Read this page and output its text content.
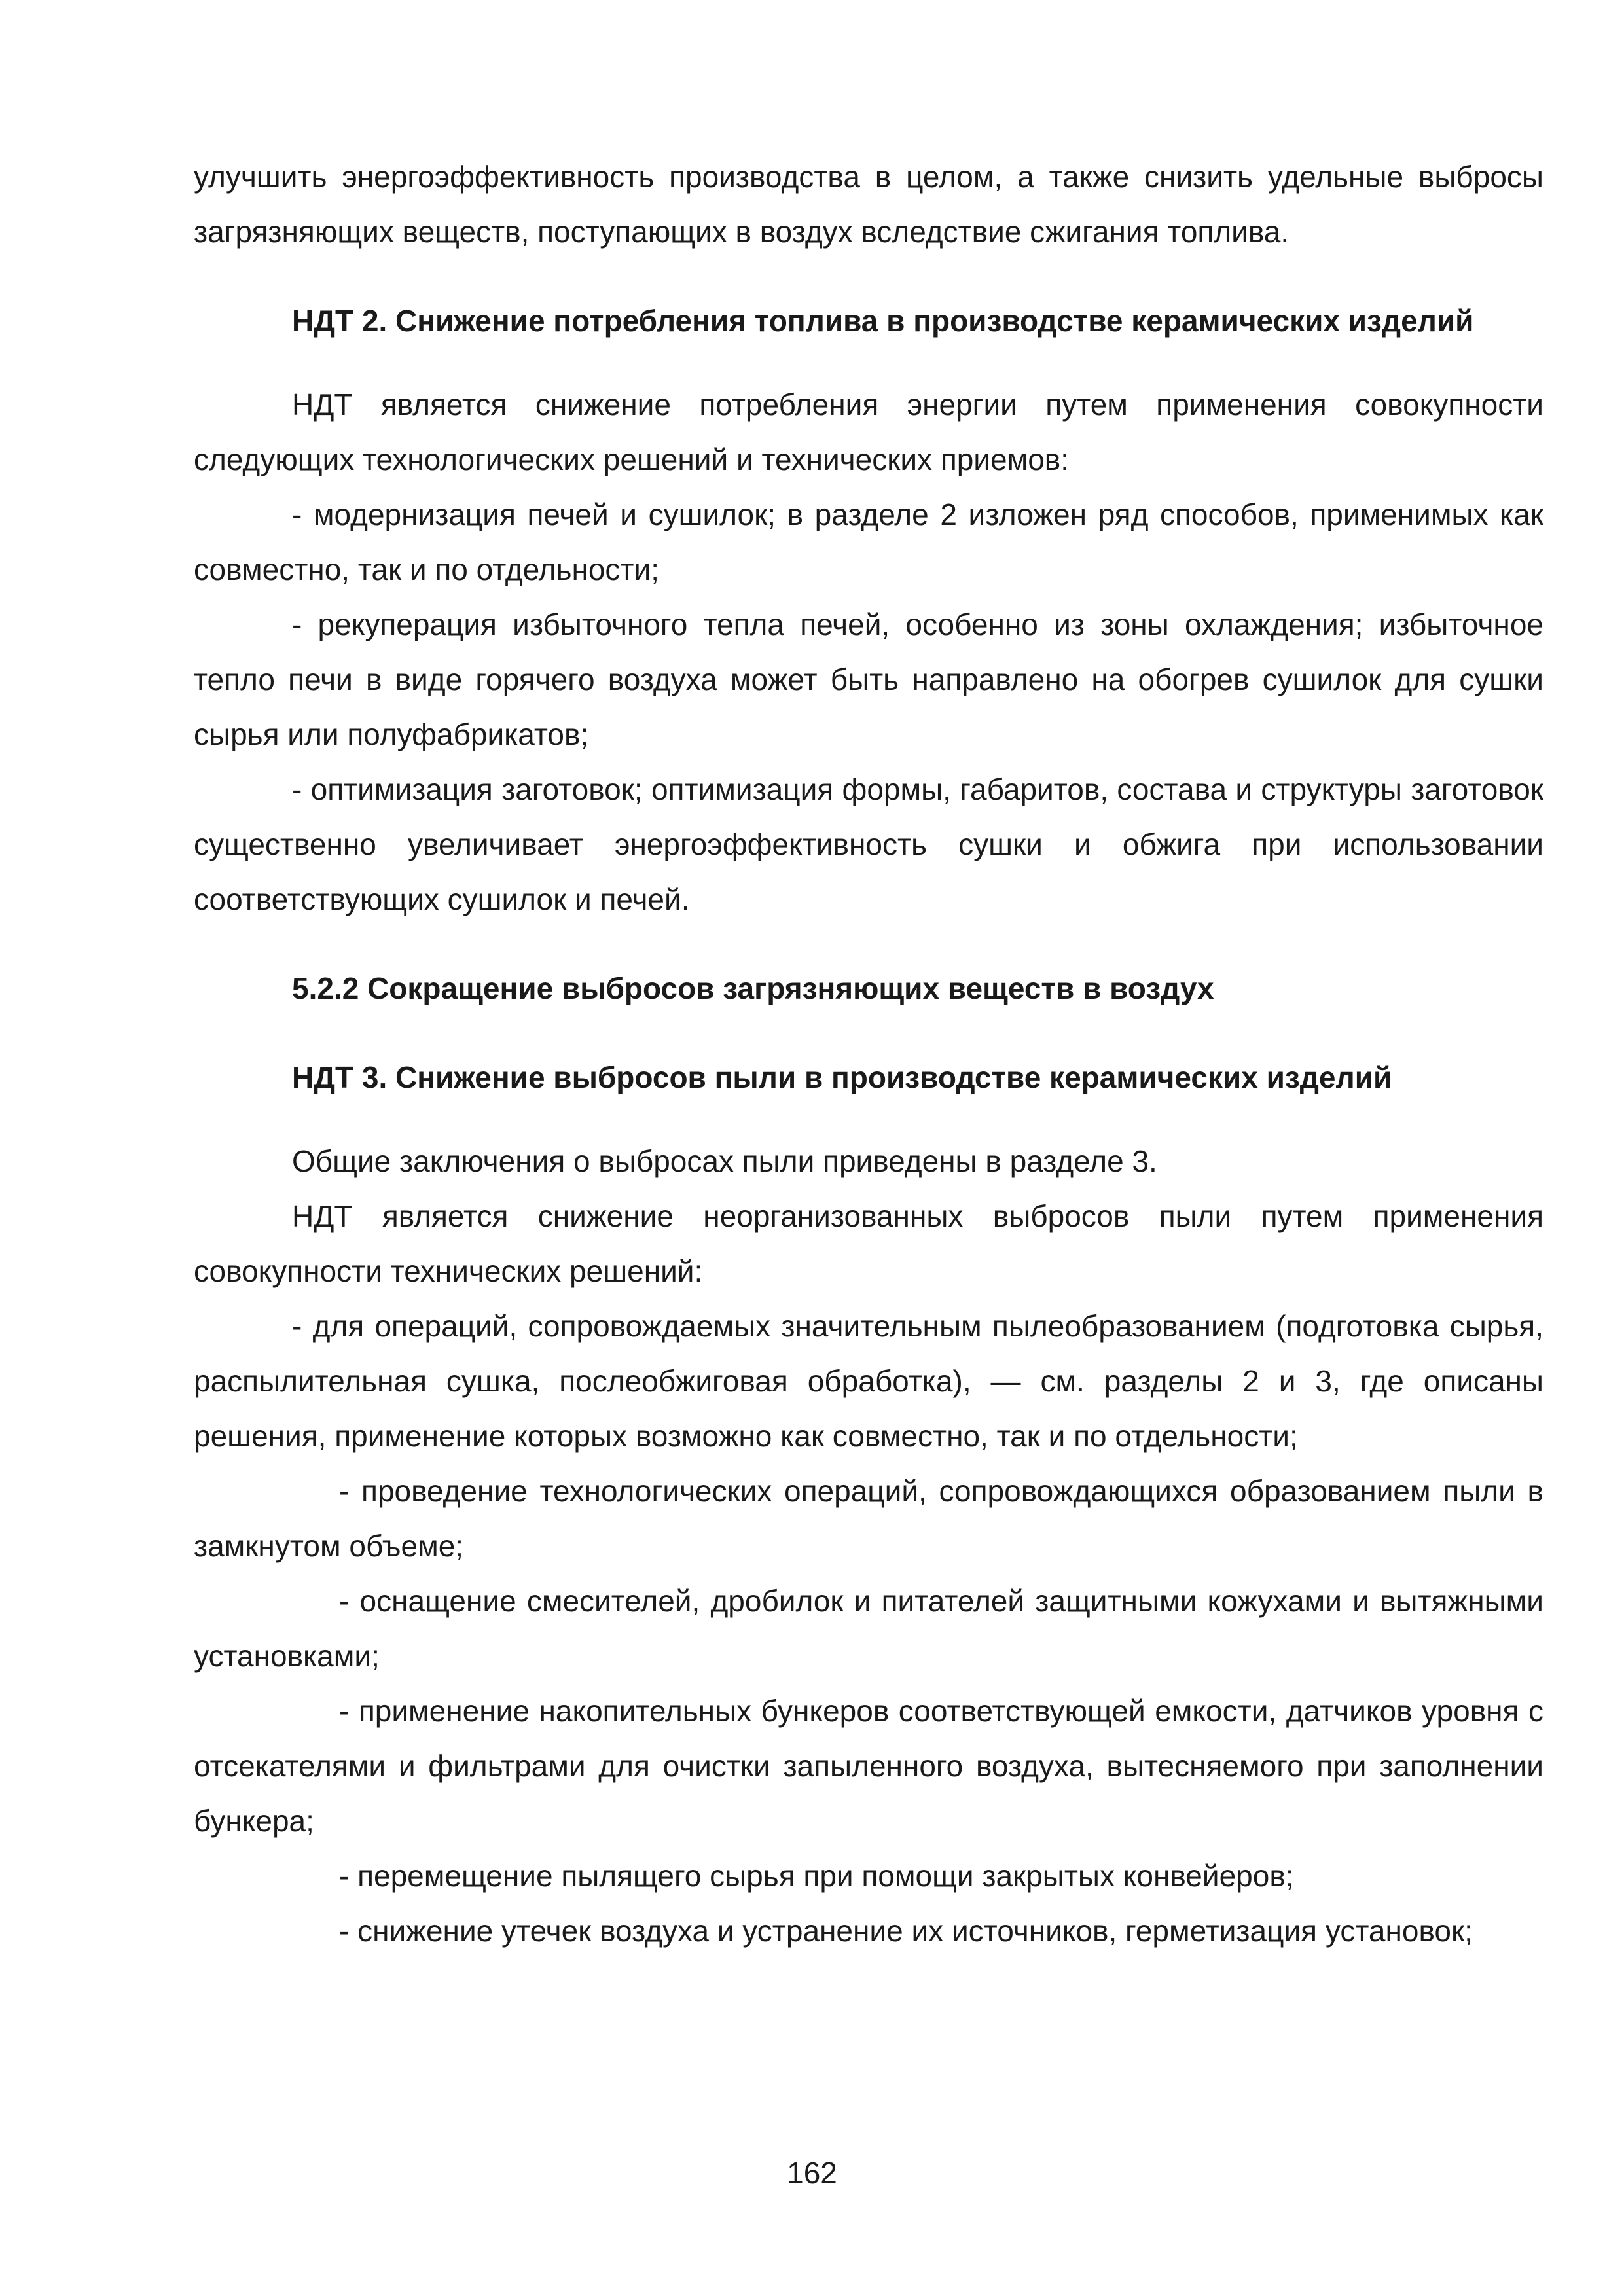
улучшить энергоэффективность производства в целом, а также снизить удельные выбросы загрязняющих веществ, поступающих в воздух вследствие сжигания топлива.

НДТ 2. Снижение потребления топлива в производстве керамических изделий

НДТ является снижение потребления энергии путем применения совокупности следующих технологических решений и технических приемов:

- модернизация печей и сушилок; в разделе 2 изложен ряд способов, применимых как совместно, так и по отдельности;

- рекуперация избыточного тепла печей, особенно из зоны охлаждения; избыточное тепло печи в виде горячего воздуха может быть направлено на обогрев сушилок для сушки сырья или полуфабрикатов;

- оптимизация заготовок; оптимизация формы, габаритов, состава и структуры заготовок существенно увеличивает энергоэффективность сушки и обжига при использовании соответствующих сушилок и печей.

5.2.2 Сокращение выбросов загрязняющих веществ в воздух

НДТ 3. Снижение выбросов пыли в производстве керамических изделий

Общие заключения о выбросах пыли приведены в разделе 3.

НДТ является снижение неорганизованных выбросов пыли путем применения совокупности технических решений:

- для операций, сопровождаемых значительным пылеобразованием (подготовка сырья, распылительная сушка, послеобжиговая обработка), — см. разделы 2 и 3, где описаны решения, применение которых возможно как совместно, так и по отдельности;

- проведение технологических операций, сопровождающихся образованием пыли в замкнутом объеме;

- оснащение смесителей, дробилок и питателей защитными кожухами и вытяжными установками;

- применение накопительных бункеров соответствующей емкости, датчиков уровня с отсекателями и фильтрами для очистки запыленного воздуха, вытесняемого при заполнении бункера;

- перемещение пылящего сырья при помощи закрытых конвейеров;

- снижение утечек воздуха и устранение их источников, герметизация установок;

162
